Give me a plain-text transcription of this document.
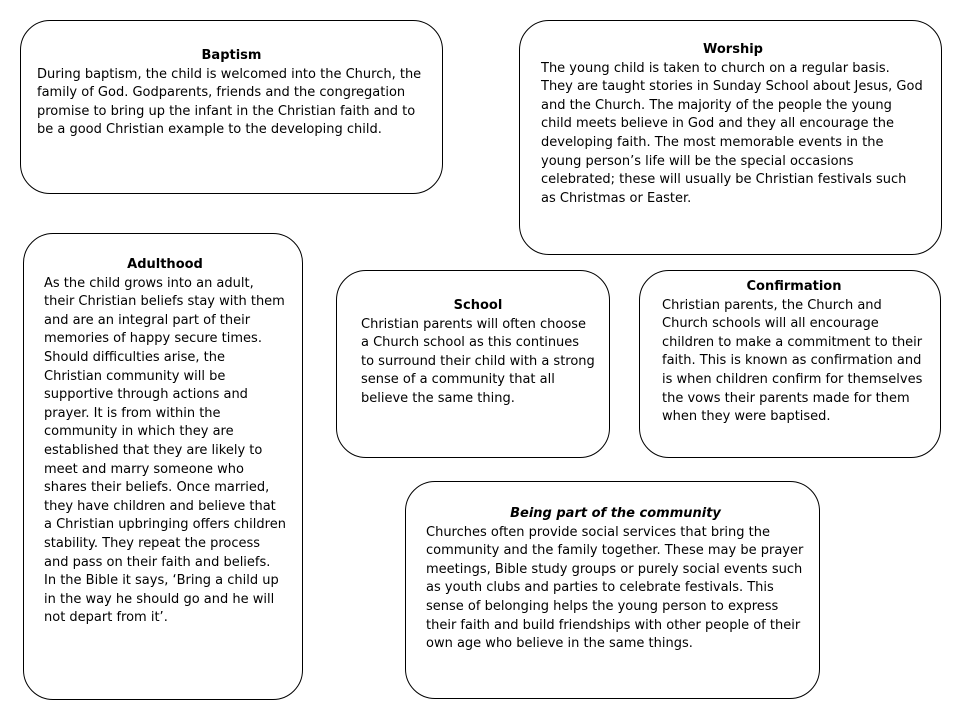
Baptism

During baptism, the child is welcomed into the Church, the family of God. Godparents, friends and the congregation promise to bring up the infant in the Christian faith and to be a good Christian example to the developing child.

Worship

The young child is taken to church on a regular basis. They are taught stories in Sunday School about Jesus, God and the Church. The majority of the people the young child meets believe in God and they all encourage the developing faith. The most memorable events in the young person’s life will be the special occasions celebrated; these will usually be Christian festivals such as Christmas or Easter.

Adulthood

As the child grows into an adult, their Christian beliefs stay with them and are an integral part of their memories of happy secure times. Should difficulties arise, the Christian community will be supportive through actions and prayer. It is from within the community in which they are established that they are likely to meet and marry someone who shares their beliefs. Once married, they have children and believe that a Christian upbringing offers children stability. They repeat the process and pass on their faith and beliefs. In the Bible it says, ‘Bring a child up in the way he should go and he will not depart from it’.

School

Christian parents will often choose a Church school as this continues to surround their child with a strong sense of a community that all believe the same thing.

Confirmation

Christian parents, the Church and Church schools will all encourage children to make a commitment to their faith. This is known as confirmation and is when children confirm for themselves the vows their parents made for them when they were baptised.

Being part of the community

Churches often provide social services that bring the community and the family together. These may be prayer meetings, Bible study groups or purely social events such as youth clubs and parties to celebrate festivals. This sense of belonging helps the young person to express their faith and build friendships with other people of their own age who believe in the same things.
